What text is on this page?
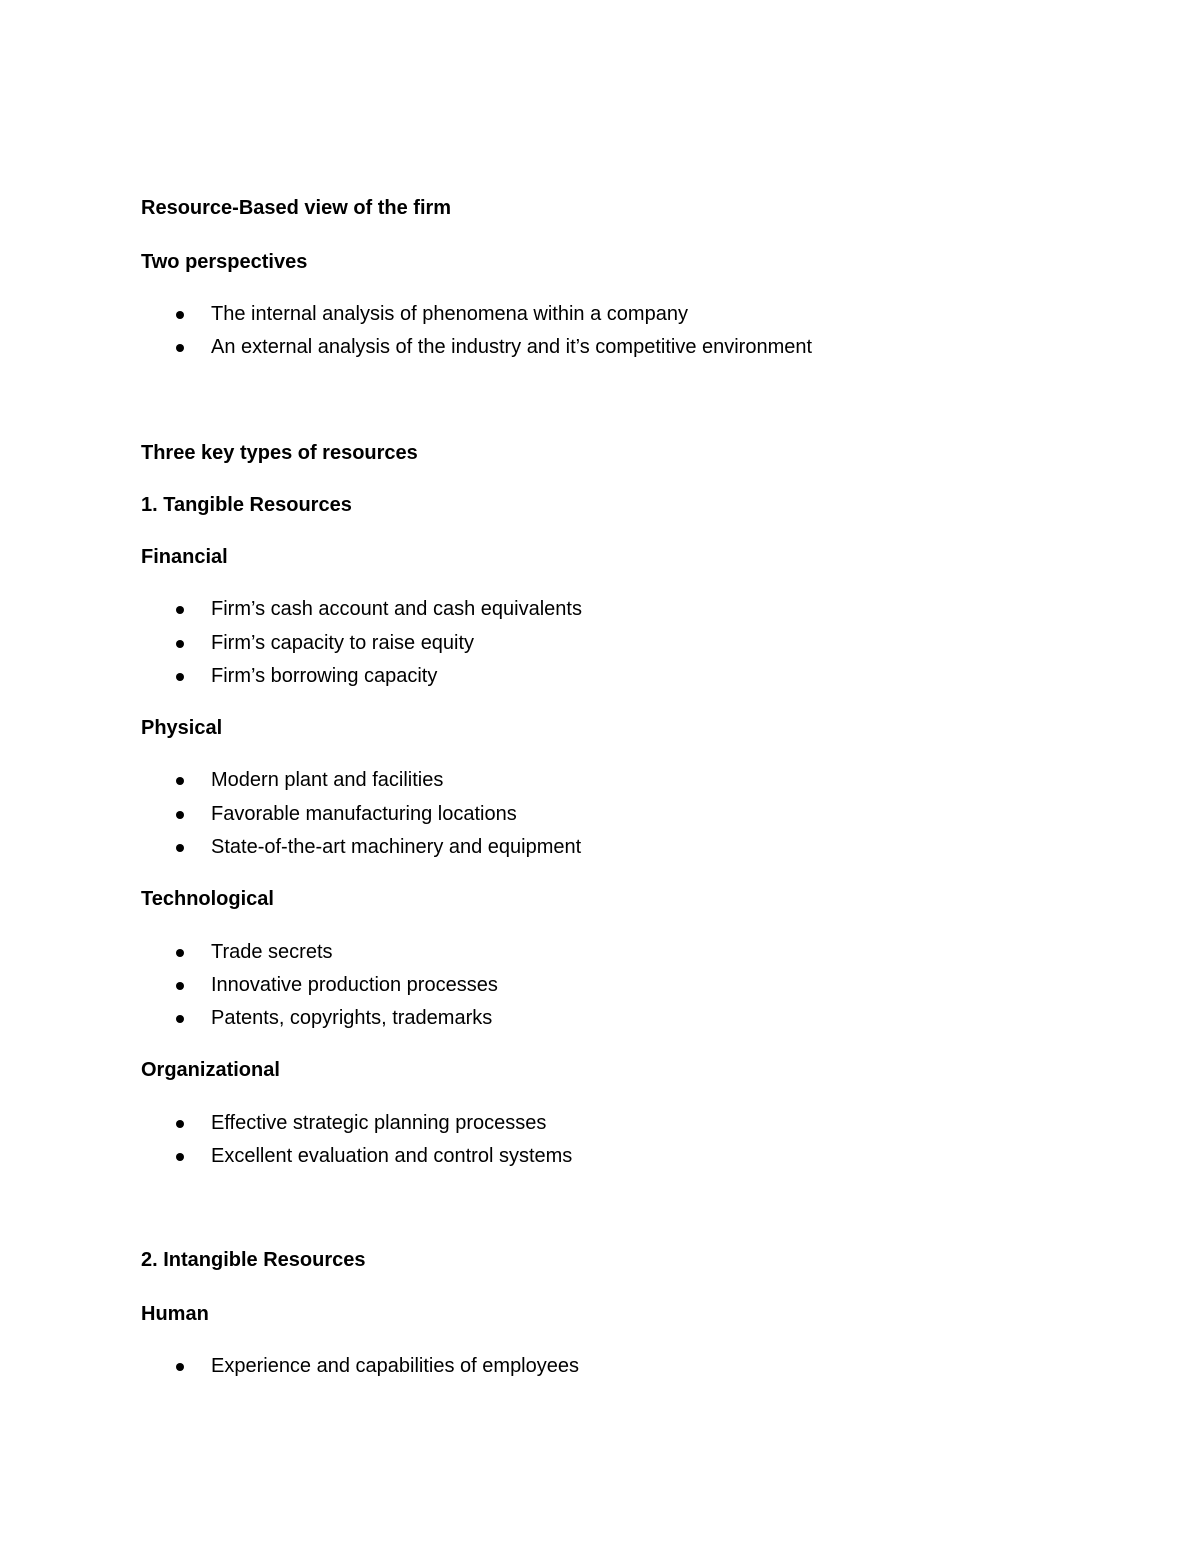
Resource-Based view of the firm
Two perspectives
The internal analysis of phenomena within a company
An external analysis of the industry and it’s competitive environment
Three key types of resources
1. Tangible Resources
Financial
Firm’s cash account and cash equivalents
Firm’s capacity to raise equity
Firm’s borrowing capacity
Physical
Modern plant and facilities
Favorable manufacturing locations
State-of-the-art machinery and equipment
Technological
Trade secrets
Innovative production processes
Patents, copyrights, trademarks
Organizational
Effective strategic planning processes
Excellent evaluation and control systems
2. Intangible Resources
Human
Experience and capabilities of employees
